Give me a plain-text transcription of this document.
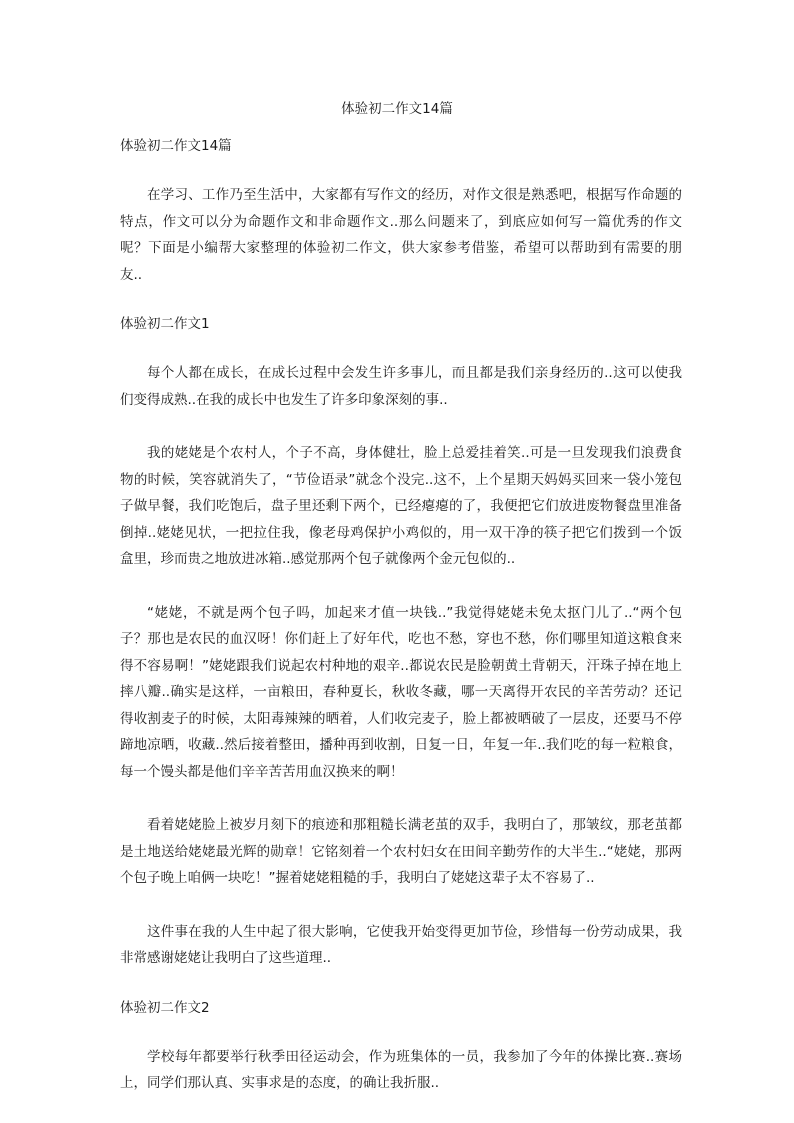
体验初二作文14篇

体验初二作文14篇

在学习、工作乃至生活中，大家都有写作文的经历，对作文很是熟悉吧，根据写作命题的特点，作文可以分为命题作文和非命题作文..那么问题来了，到底应如何写一篇优秀的作文呢？下面是小编帮大家整理的体验初二作文，供大家参考借鉴，希望可以帮助到有需要的朋友..

体验初二作文1

每个人都在成长，在成长过程中会发生许多事儿，而且都是我们亲身经历的..这可以使我们变得成熟..在我的成长中也发生了许多印象深刻的事..

我的姥姥是个农村人，个子不高，身体健壮，脸上总爱挂着笑..可是一旦发现我们浪费食物的时候，笑容就消失了，“节俭语录”就念个没完..这不，上个星期天妈妈买回来一袋小笼包子做早餐，我们吃饱后，盘子里还剩下两个，已经瘪瘪的了，我便把它们放进废物餐盘里准备倒掉..姥姥见状，一把拉住我，像老母鸡保护小鸡似的，用一双干净的筷子把它们拨到一个饭盒里，珍而贵之地放进冰箱..感觉那两个包子就像两个金元包似的..

“姥姥，不就是两个包子吗，加起来才值一块钱..”我觉得姥姥未免太抠门儿了..“两个包子？那也是农民的血汉呀！你们赶上了好年代，吃也不愁，穿也不愁，你们哪里知道这粮食来得不容易啊！”姥姥跟我们说起农村种地的艰辛..都说农民是脸朝黄土背朝天，汗珠子掉在地上摔八瓣..确实是这样，一亩粮田，春种夏长，秋收冬藏，哪一天离得开农民的辛苦劳动？还记得收割麦子的时候，太阳毒辣辣的晒着，人们收完麦子，脸上都被晒破了一层皮，还要马不停蹄地凉晒，收藏..然后接着整田，播种再到收割，日复一日，年复一年..我们吃的每一粒粮食，每一个馒头都是他们辛辛苦苦用血汉换来的啊！

看着姥姥脸上被岁月刻下的痕迹和那粗糙长满老茧的双手，我明白了，那皱纹，那老茧都是土地送给姥姥最光辉的勋章！它铭刻着一个农村妇女在田间辛勤劳作的大半生..“姥姥，那两个包子晚上咱俩一块吃！”握着姥姥粗糙的手，我明白了姥姥这辈子太不容易了..

这件事在我的人生中起了很大影响，它使我开始变得更加节俭，珍惜每一份劳动成果，我非常感谢姥姥让我明白了这些道理..

体验初二作文2

学校每年都要举行秋季田径运动会，作为班集体的一员，我参加了今年的体操比赛..赛场上，同学们那认真、实事求是的态度，的确让我折服..
